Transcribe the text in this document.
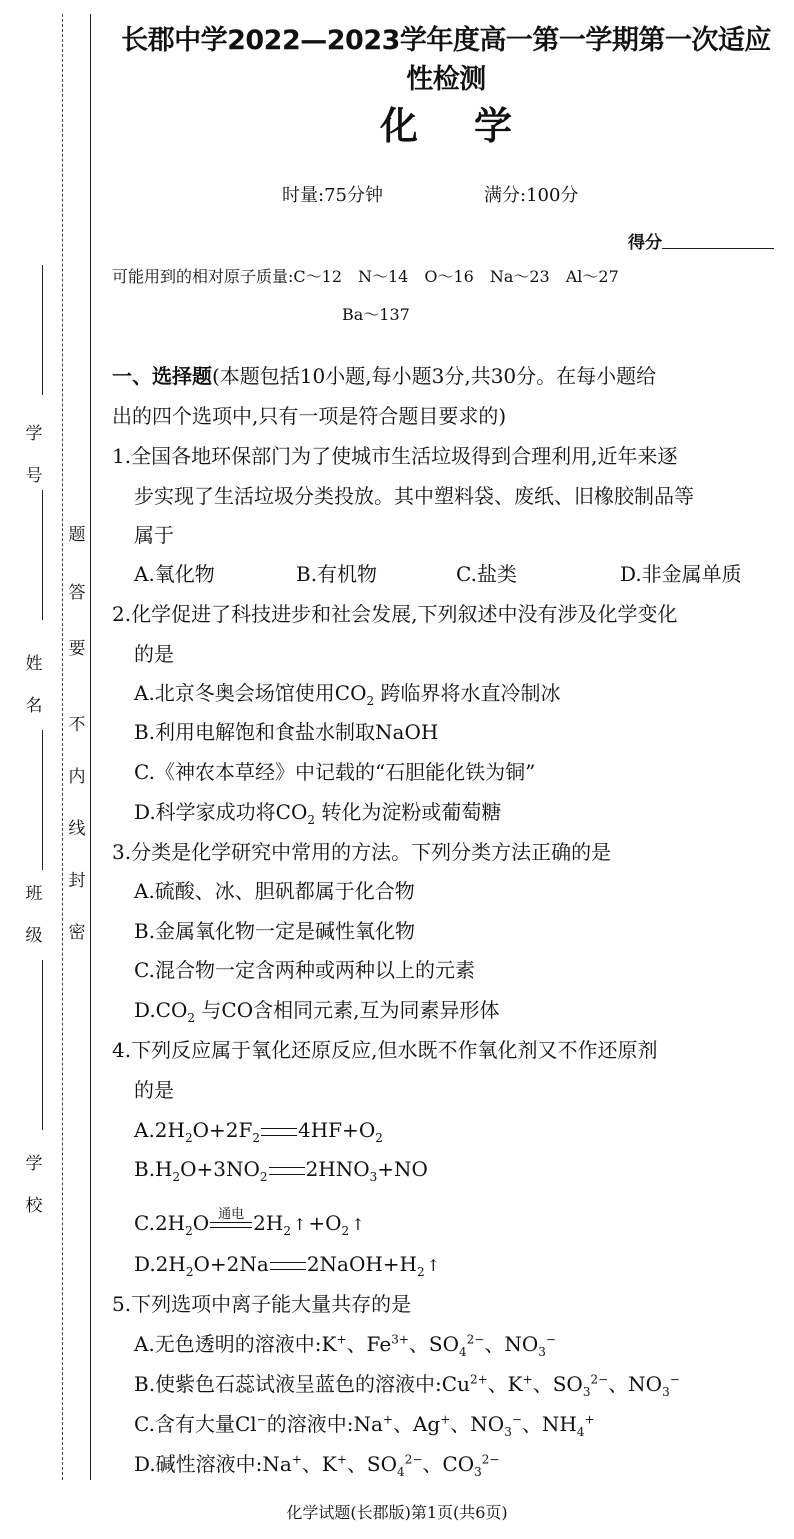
学
号
姓
名
班
级
学
校
密
封
线
内
不
要
答
题
长郡中学2022—2023学年度高一第一学期第一次适应性检测
化学
时量:75分钟	满分:100分
得分
可能用到的相对原子质量:C～12　N～14　O～16　Na～23　Al～27
Ba～137
一、选择题(本题包括10小题,每小题3分,共30分。在每小题给
出的四个选项中,只有一项是符合题目要求的)
1.全国各地环保部门为了使城市生活垃圾得到合理利用,近年来逐
步实现了生活垃圾分类投放。其中塑料袋、废纸、旧橡胶制品等
属于
A.氧化物	B.有机物	C.盐类	D.非金属单质
2.化学促进了科技进步和社会发展,下列叙述中没有涉及化学变化
的是
A.北京冬奥会场馆使用$CO_2$ 跨临界将水直冷制冰
B.利用电解饱和食盐水制取NaOH
C.《神农本草经》中记载的“石胆能化铁为铜”
D.科学家成功将$CO_2$ 转化为淀粉或葡萄糖
3.分类是化学研究中常用的方法。下列分类方法正确的是
A.硫酸、冰、胆矾都属于化合物
B.金属氧化物一定是碱性氧化物
C.混合物一定含两种或两种以上的元素
$D.CO_2$ 与CO含相同元素,互为同素异形体
4.下列反应属于氧化还原反应,但水既不作氧化剂又不作还原剂
的是
$A.2H_2O+2F_2$ $4HF+O_2$
$B.H_2O+3NO_2$ $2HNO_3+NO$
$C.2H_2O$ 通电 $2H_2$ ↑ $+O_2$ ↑
$D.2H_2O+2Na$ $2NaOH+H_2$ ↑
5.下列选项中离子能大量共存的是
A.无色透明的溶液中:K+、$Fe^{3+}$、$SO_4^{2-}$、$NO_3^-$
B.使紫色石蕊试液呈蓝色的溶液中$:Cu^{2+}$、K+、$SO_3^{2-}$、$NO_3^-$
C.含有大量Cl−的溶液中:Na+、Ag+、$NO_3^-$、$NH_4^+$
D.碱性溶液中:Na+、K+、$SO_4^{2-}$、$CO_3^{2-}$
化学试题(长郡版)第1页(共6页)
